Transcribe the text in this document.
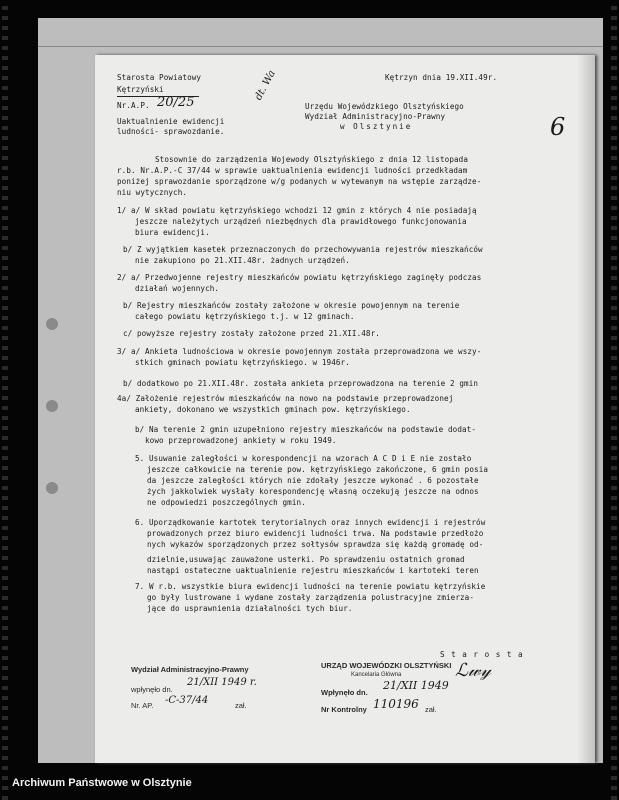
Starosta Powiatowy
Kętrzyński
Nr.A.P. 20/25
Uaktualnienie ewidencji
ludności- sprawozdanie.
dt. Wa	Kętrzyn dnia 19.XII.49r.
Urzędu Wojewódzkiego Olsztyńskiego
Wydział Administracyjno-Prawny
w Olsztynie	6
Stosownie do zarządzenia Wojewody Olsztyńskiego z dnia 12 listopada
r.b. Nr.A.P.-C 37/44 w sprawie uaktualnienia ewidencji ludności przedkładam
poniżej sprawozdanie sporządzone w/g podanych w wytewanym na wstępie zarządze-
niu wytycznych.
1/ a/ W skład powiatu kętrzyńskiego wchodzi 12 gmin z których 4 nie posiadają
jeszcze należytych urządzeń niezbędnych dla prawidłowego funkcjonowania
biura ewidencji.
b/ Z wyjątkiem kasetek przeznaczonych do przechowywania rejestrów mieszkańców
nie zakupiono po 21.XII.48r. żadnych urządzeń.
2/ a/ Przedwojenne rejestry mieszkańców powiatu kętrzyńskiego zaginęły podczas
działań wojennych.
b/ Rejestry mieszkańców zostały założone w okresie powojennym na terenie
całego powiatu kętrzyńskiego t.j. w 12 gminach.
c/ powyższe rejestry zostały założone przed 21.XII.48r.
3/ a/ Ankieta ludnościowa w okresie powojennym została przeprowadzona we wszy-
stkich gminach powiatu kętrzyńskiego. w 1946r.
b/ dodatkowo po 21.XII.48r. została ankieta przeprowadzona na terenie 2 gmin
4a/ Założenie rejestrów mieszkańców na nowo na podstawie przeprowadzonej
ankiety, dokonano we wszystkich gminach pow. kętrzyńskiego.
b/ Na terenie 2 gmin uzupełniono rejestry mieszkańców na podstawie dodat-
kowo przeprowadzonej ankiety w roku 1949.
5. Usuwanie zaległości w korespondencji na wzorach A C D i E nie zostało
jeszcze całkowicie na terenie pow. kętrzyńskiego zakończone, 6 gmin posia
da jeszcze zaległości których nie zdołały jeszcze wykonać . 6 pozostałe
żych jakkolwiek wysłały korespondencję własną oczekują jeszcze na odnos
ne odpowiedzi poszczególnych gmin.
6. Uporządkowanie kartotek terytorialnych oraz innych ewidencji i rejestrów
prowadzonych przez biuro ewidencji ludności trwa. Na podstawie przedłożo
nych wykazów sporządzonych przez sołtysów sprawdza się każdą gromadę od-
dzielnie,usuwając zauważone usterki. Po sprawdzeniu ostatnich gromad
nastąpi ostateczne uaktualnienie rejestru mieszkańców i kartoteki teren
7. W r.b. wszystkie biura ewidencji ludności na terenie powiatu kętrzyńskie
go były lustrowane i wydane zostały zarządzenia polustracyjne zmierza-
jące do usprawnienia działalności tych biur.
S t a r o s t a
ℒ𝓌𝓎
Wydział Administracyjno-Prawny
wpłynęło dn.
21/XII 1949 r.
Nr. AP. -C-37/44	zał.
URZĄD WOJEWÓDZKI OLSZTYŃSKI
Kancelaria Główna
Wpłynęło dn.
21/XII 1949
Nr Kontrolny 110196 zał.
Archiwum Państwowe w Olsztynie
